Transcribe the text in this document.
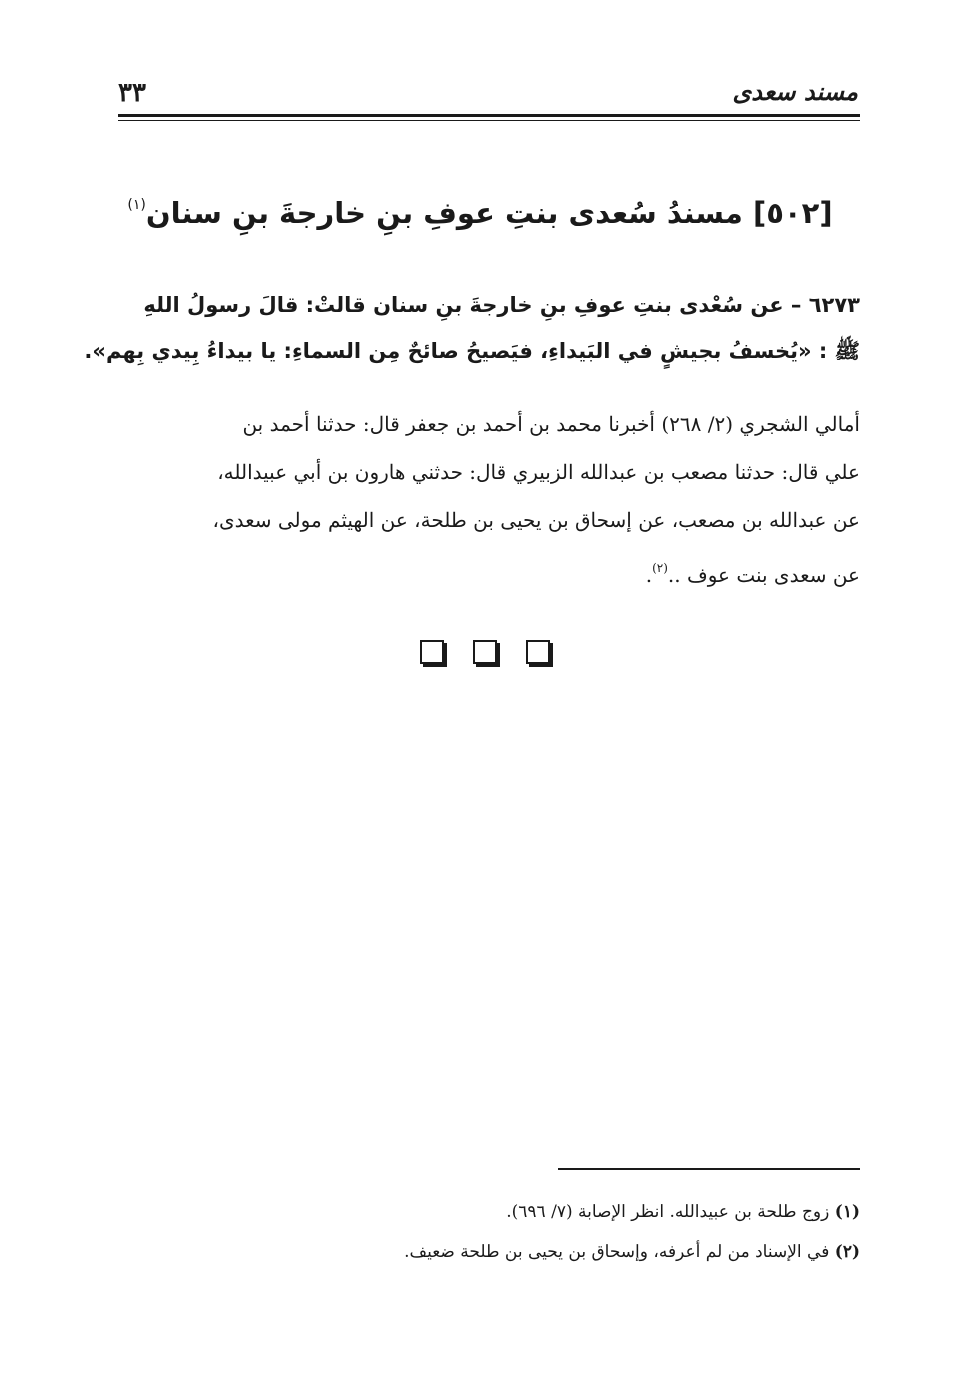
٣٣	مسند سعدى
[٥٠٢] مسندُ سُعدى بنتِ عوفِ بنِ خارجةَ بنِ سنان$^{(١)}$
٦٢٧٣ – عن سُعْدى بنتِ عوفِ بنِ خارجةَ بنِ سنان قالتْ: قالَ رسولُ اللهِ
ﷺ : «يُخسفُ بجيشٍ في البَيداءِ، فيَصيحُ صائحٌ مِن السماءِ: يا بيداءُ بِيدي بِهم».
أمالي الشجري (٢/ ٢٦٨) أخبرنا محمد بن أحمد بن جعفر قال: حدثنا أحمد بن
علي قال: حدثنا مصعب بن عبدالله الزبيري قال: حدثني هارون بن أبي عبيدالله،
عن عبدالله بن مصعب، عن إسحاق بن يحيى بن طلحة، عن الهيثم مولى سعدى،
عن سعدى بنت عوف ..$^{(٢)}$.
(١) زوج طلحة بن عبيدالله. انظر الإصابة (٧/ ٦٩٦).
(٢) في الإسناد من لم أعرفه، وإسحاق بن يحيى بن طلحة ضعيف.
